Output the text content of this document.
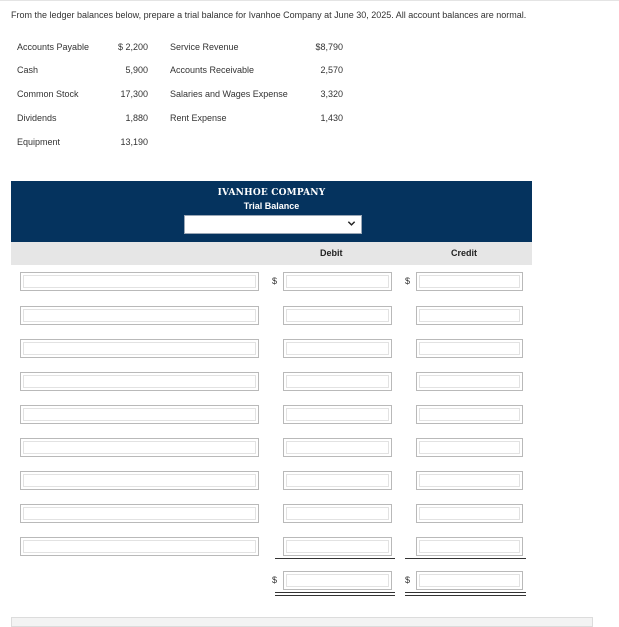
From the ledger balances below, prepare a trial balance for Ivanhoe Company at June 30, 2025. All account balances are normal.
Accounts Payable	$ 2,200
Cash	5,900
Common Stock	17,300
Dividends	1,880
Equipment	13,190
Service Revenue	$8,790
Accounts Receivable	2,570
Salaries and Wages Expense	3,320
Rent Expense	1,430
IVANHOE COMPANY
Trial Balance
Debit	Credit
$	$
$	$
